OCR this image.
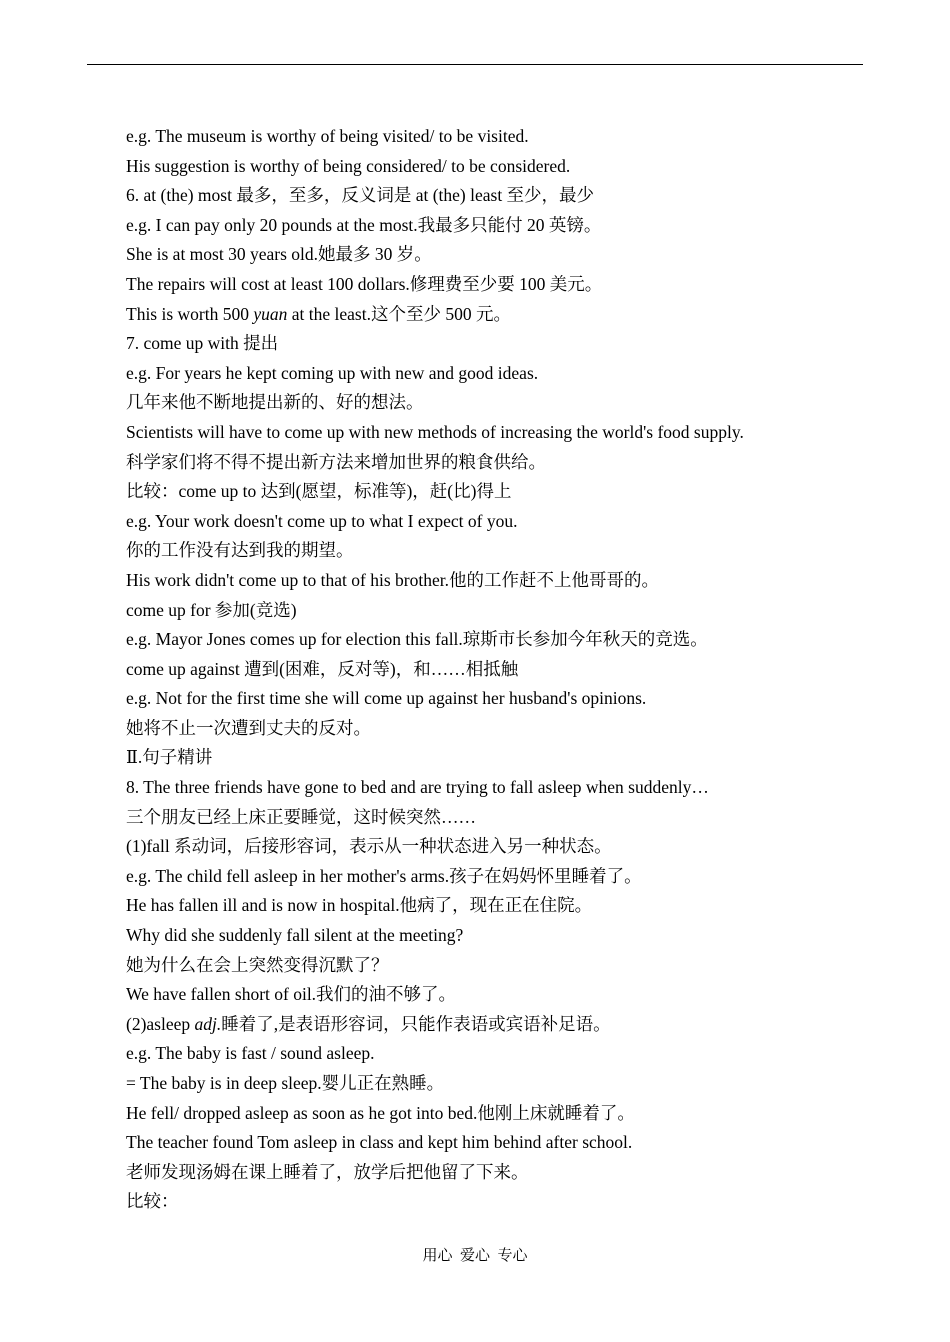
e.g. The museum is worthy of being visited/ to be visited.
His suggestion is worthy of being considered/ to be considered.
6. at (the) most 最多，至多，反义词是 at (the) least 至少，最少
e.g. I can pay only 20 pounds at the most.我最多只能付 20 英镑。
She is at most 30 years old.她最多 30 岁。
The repairs will cost at least 100 dollars.修理费至少要 100 美元。
This is worth 500 yuan at the least.这个至少 500 元。
7. come up with 提出
e.g. For years he kept coming up with new and good ideas.
几年来他不断地提出新的、好的想法。
Scientists will have to come up with new methods of increasing the world's food supply.
科学家们将不得不提出新方法来增加世界的粮食供给。
比较：come up to 达到(愿望，标准等)，赶(比)得上
e.g. Your work doesn't come up to what I expect of you.
你的工作没有达到我的期望。
His work didn't come up to that of his brother.他的工作赶不上他哥哥的。
come up for 参加(竞选)
e.g. Mayor Jones comes up for election this fall.琼斯市长参加今年秋天的竞选。
come up against 遭到(困难，反对等)，和……相抵触
e.g. Not for the first time she will come up against her husband's opinions.
她将不止一次遭到丈夫的反对。
Ⅱ.句子精讲
8. The three friends have gone to bed and are trying to fall asleep when suddenly…
三个朋友已经上床正要睡觉，这时候突然……
(1)fall 系动词，后接形容词，表示从一种状态进入另一种状态。
e.g. The child fell asleep in her mother's arms.孩子在妈妈怀里睡着了。
He has fallen ill and is now in hospital.他病了，现在正在住院。
Why did she suddenly fall silent at the meeting?
她为什么在会上突然变得沉默了？
We have fallen short of oil.我们的油不够了。
(2)asleep adj.睡着了,是表语形容词，只能作表语或宾语补足语。
e.g. The baby is fast / sound asleep.
= The baby is in deep sleep.婴儿正在熟睡。
He fell/ dropped asleep as soon as he got into bed.他刚上床就睡着了。
The teacher found Tom asleep in class and kept him behind after school.
老师发现汤姆在课上睡着了，放学后把他留了下来。
比较：
用心  爱心  专心
